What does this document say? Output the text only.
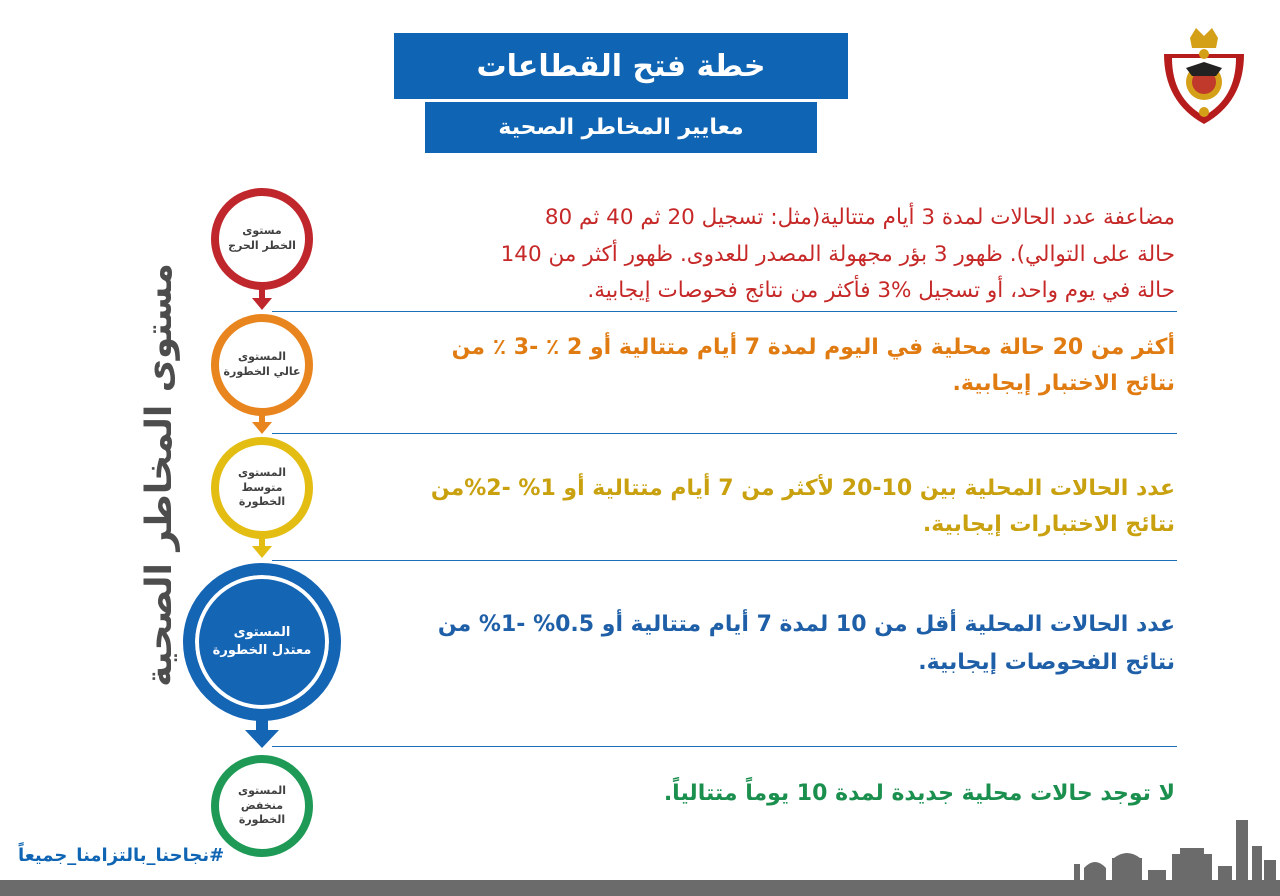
خطة فتح القطاعات
معايير المخاطر الصحية
مستوى المخاطر الصحية
مستوى
الخطر الحرج

مضاعفة عدد الحالات لمدة 3 أيام متتالية(مثل: تسجيل 20 ثم 40 ثم 80

حالة على التوالي). ظهور 3 بؤر مجهولة المصدر للعدوى. ظهور أكثر من 140

حالة في يوم واحد، أو تسجيل %3 فأكثر من نتائج فحوصات إيجابية.

المستوى
عالي الخطورة

أكثر من 20 حالة محلية في اليوم لمدة 7 أيام متتالية أو 2 ٪ -3 ٪ من

نتائج الاختبار إيجابية.

المستوى
متوسط الخطورة

عدد الحالات المحلية بين 10-20 لأكثر من 7 أيام متتالية أو 1% -2%من

نتائج الاختبارات إيجابية.

المستوى
معتدل الخطورة

عدد الحالات المحلية أقل من 10 لمدة 7 أيام متتالية أو 0.5% -1% من

نتائج الفحوصات إيجابية.

المستوى
منخفض الخطورة

لا توجد حالات محلية جديدة لمدة 10 يوماً متتالياً.

#نجاحنا_بالتزامنا_جميعاً
